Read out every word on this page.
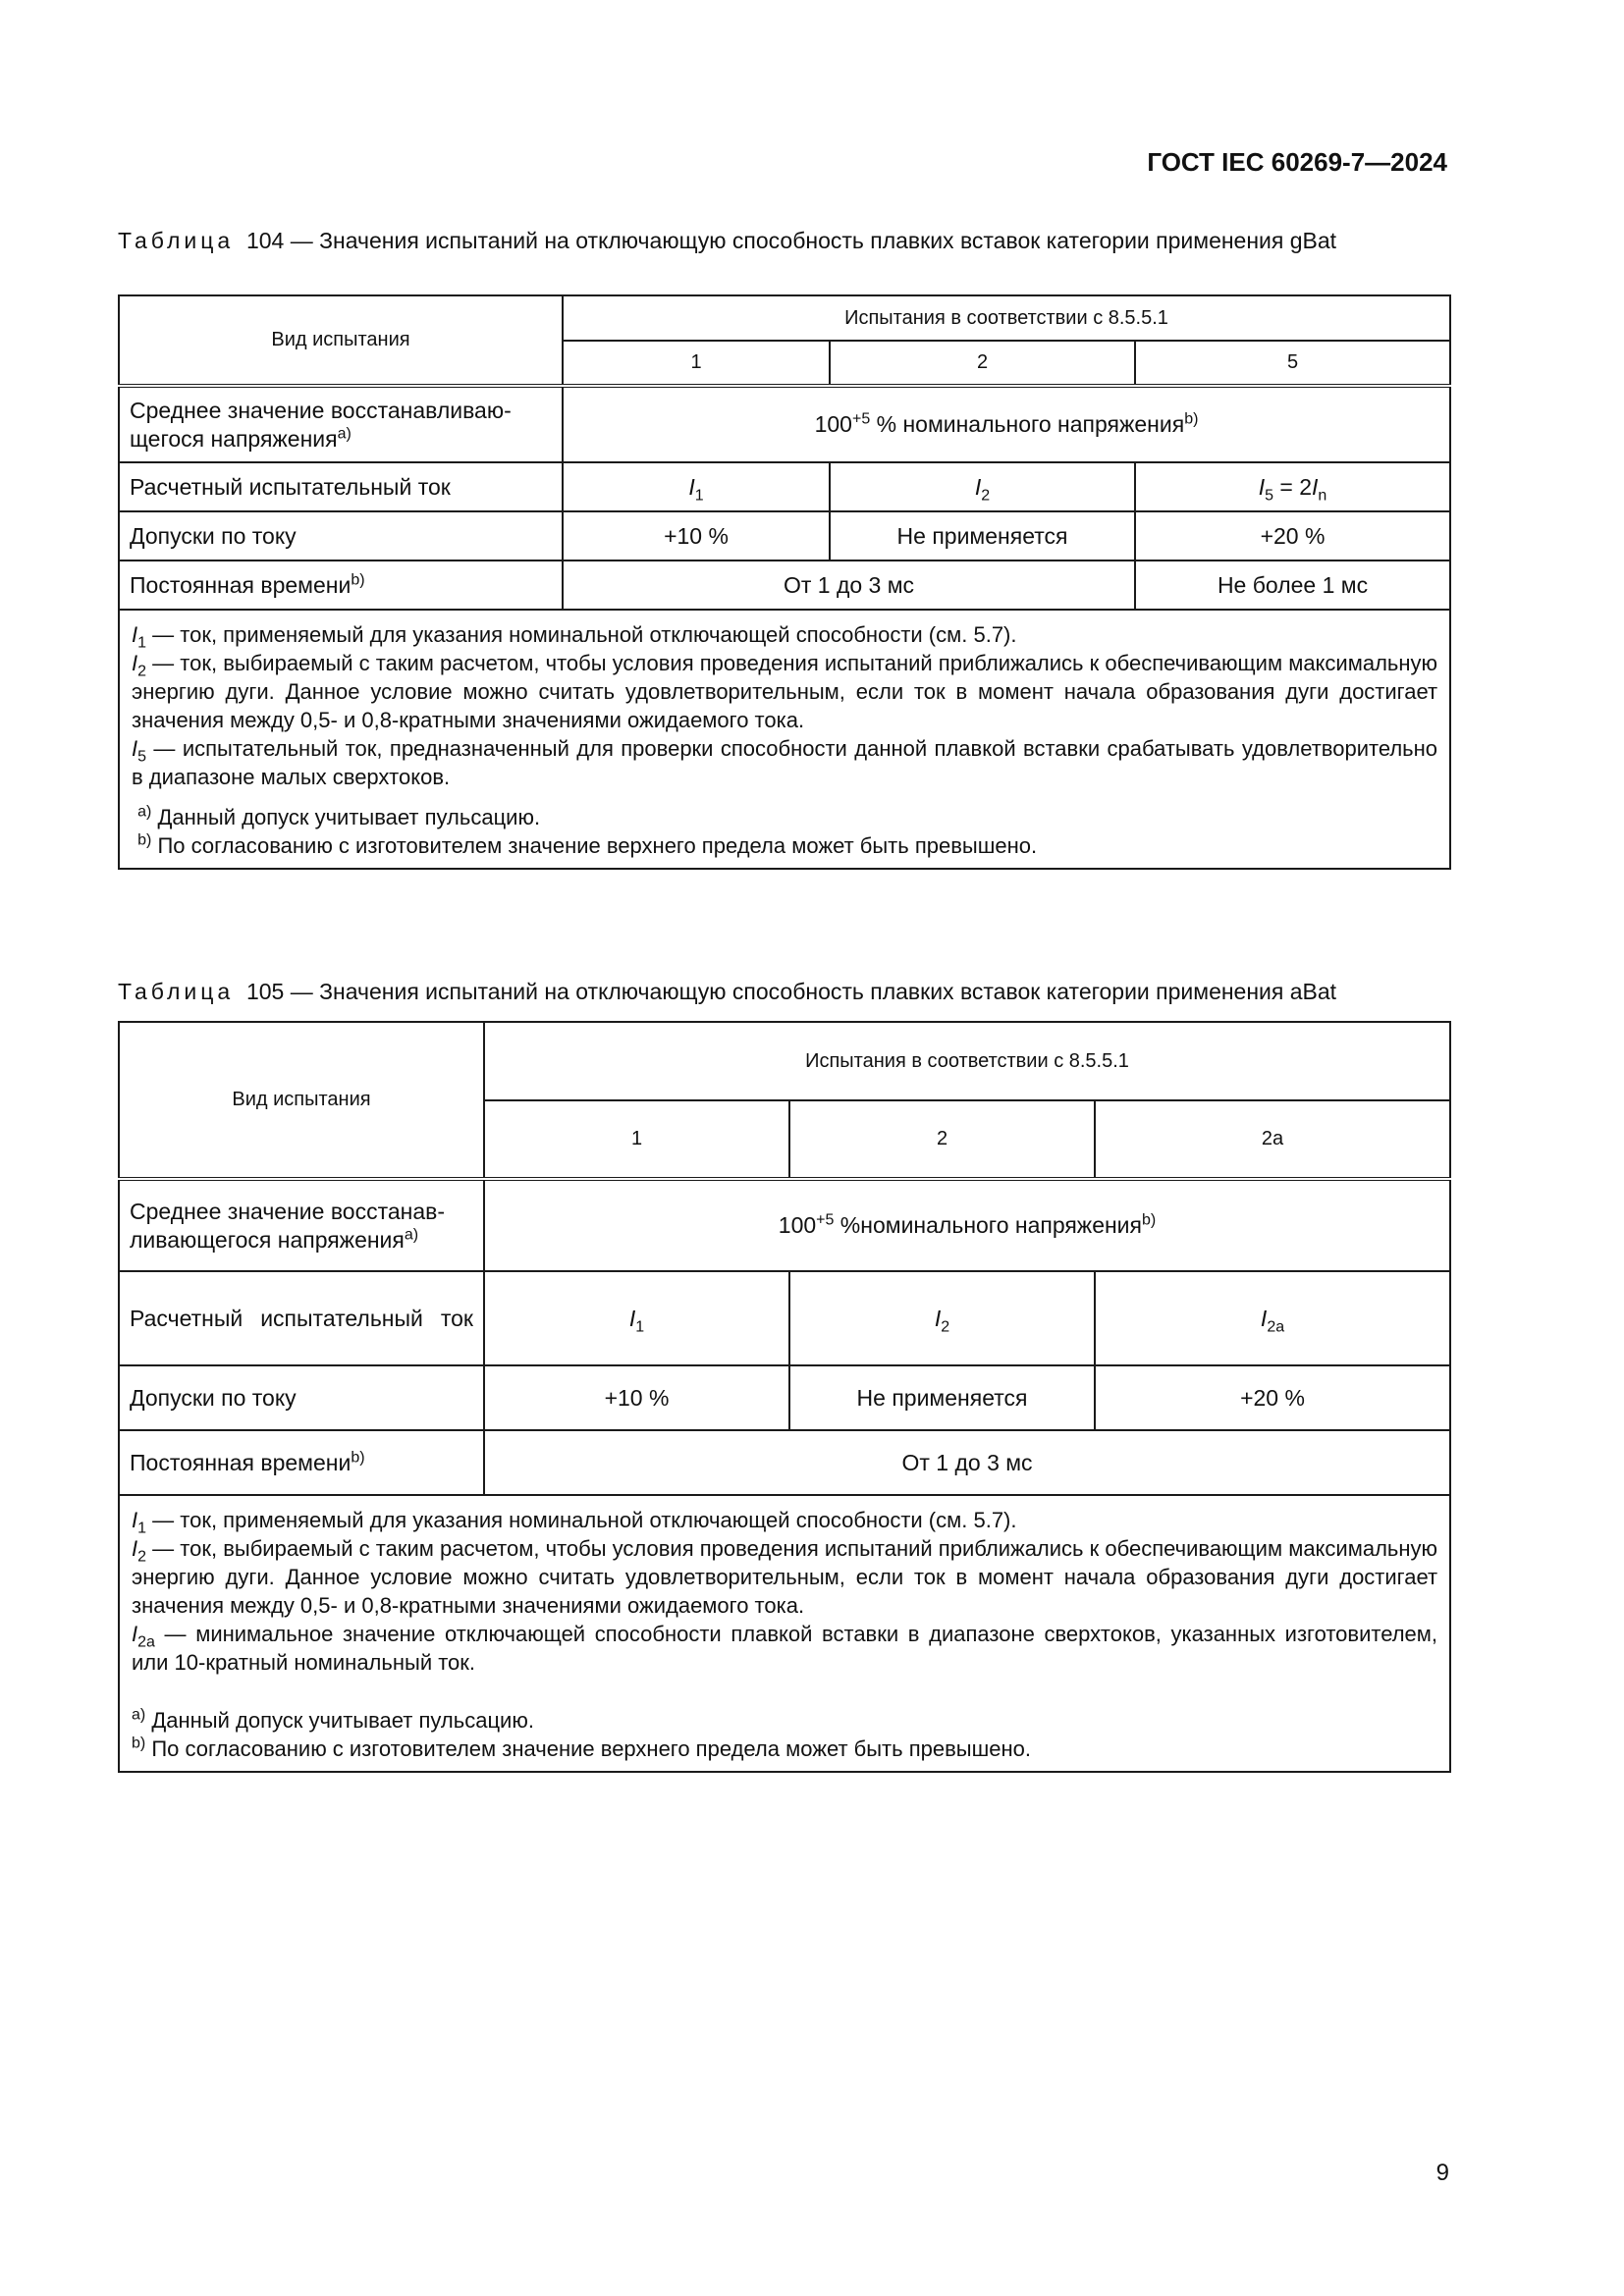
ГОСТ IEC 60269-7—2024
Таблица 104 — Значения испытаний на отключающую способность плавких вставок категории применения gBat
Вид испытания	Испытания в соответствии с 8.5.5.1		
	1	2	5
Среднее значение восстанавливаю-щегося напряжения$^{a)}$	$100^{+5}$ % номинального напряжения$^{b)}$
Расчетный испытательный ток	$I_1$	$I_2$	$I_5 = 2I_n$
Допуски по току	+10 %	Не применяется	+20 %
Постоянная времени$^{b)}$	От 1 до 3 мс		Не более 1 мс

$I_1$ — ток, применяемый для указания номинальной отключающей способности (см. 5.7).

$I_2$ — ток, выбираемый с таким расчетом, чтобы условия проведения испытаний приближались к обеспечивающим максимальную энергию дуги. Данное условие можно считать удовлетворительным, если ток в момент начала образования дуги достигает значения между 0,5- и 0,8-кратными значениями ожидаемого тока.

$I_5$ — испытательный ток, предназначенный для проверки способности данной плавкой вставки срабатывать удовлетворительно в диапазоне малых сверхтоков.

$^{a)}$ Данный допуск учитывает пульсацию.

$^{b)}$ По согласованию с изготовителем значение верхнего предела может быть превышено.			

Таблица 105 — Значения испытаний на отключающую способность плавких вставок категории применения aBat
Вид испытания	Испытания в соответствии с 8.5.5.1		
	1	2	2a
Среднее значение восстанав-ливающегося напряжения$^{a)}$	$100^{+5}$ %номинального напряжения$^{b)}$
Расчетный испытательный ток	$I_1$	$I_2$	$I_{2a}$
Допуски по току	+10 %	Не применяется	+20 %
Постоянная времени$^{b)}$	От 1 до 3 мс		

$I_1$ — ток, применяемый для указания номинальной отключающей способности (см. 5.7).

$I_2$ — ток, выбираемый с таким расчетом, чтобы условия проведения испытаний приближались к обеспечивающим максимальную энергию дуги. Данное условие можно считать удовлетворительным, если ток в момент начала образования дуги достигает значения между 0,5- и 0,8-кратными значениями ожидаемого тока.

$I_{2a}$ — минимальное значение отключающей способности плавкой вставки в диапазоне сверхтоков, указанных изготовителем, или 10-кратный номинальный ток.

$^{a)}$ Данный допуск учитывает пульсацию.

$^{b)}$ По согласованию с изготовителем значение верхнего предела может быть превышено.			

9
